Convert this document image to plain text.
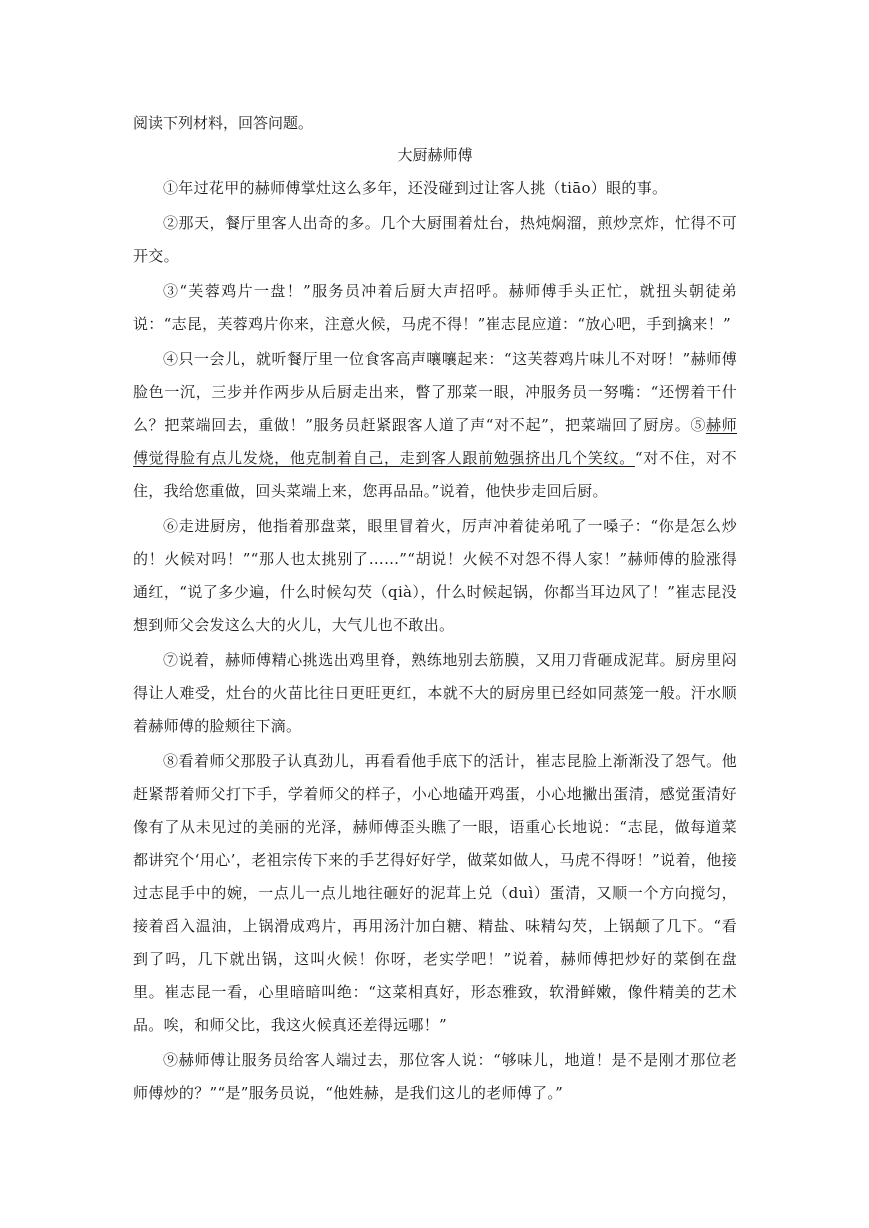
阅读下列材料，回答问题。

大厨赫师傅

①年过花甲的赫师傅掌灶这么多年，还没碰到过让客人挑（tiāo）眼的事。

②那天，餐厅里客人出奇的多。几个大厨围着灶台，热炖焖溜，煎炒烹炸，忙得不可开交。

③“芙蓉鸡片一盘！”服务员冲着后厨大声招呼。赫师傅手头正忙，就扭头朝徒弟说：“志昆，芙蓉鸡片你来，注意火候，马虎不得！”崔志昆应道：“放心吧，手到擒来！”

④只一会儿，就听餐厅里一位食客高声嚷嚷起来：“这芙蓉鸡片味儿不对呀！”赫师傅脸色一沉，三步并作两步从后厨走出来，瞥了那菜一眼，冲服务员一努嘴：“还愣着干什么？把菜端回去，重做！”服务员赶紧跟客人道了声“对不起”，把菜端回了厨房。⑤赫师傅觉得脸有点儿发烧，他克制着自己，走到客人跟前勉强挤出几个笑纹。“对不住，对不住，我给您重做，回头菜端上来，您再品品。”说着，他快步走回后厨。

⑥走进厨房，他指着那盘菜，眼里冒着火，厉声冲着徒弟吼了一嗓子：“你是怎么炒的！火候对吗！”“那人也太挑别了……”“胡说！火候不对怨不得人家！”赫师傅的脸涨得通红，“说了多少遍，什么时候勾芡（qià），什么时候起锅，你都当耳边风了！”崔志昆没想到师父会发这么大的火儿，大气儿也不敢出。

⑦说着，赫师傅精心挑选出鸡里脊，熟练地别去筋膜，又用刀背砸成泥茸。厨房里闷得让人难受，灶台的火苗比往日更旺更红，本就不大的厨房里已经如同蒸笼一般。汗水顺着赫师傅的脸颊往下滴。

⑧看着师父那股子认真劲儿，再看看他手底下的活计，崔志昆脸上渐渐没了怨气。他赶紧帮着师父打下手，学着师父的样子，小心地磕开鸡蛋，小心地撇出蛋清，感觉蛋清好像有了从未见过的美丽的光泽，赫师傅歪头瞧了一眼，语重心长地说：“志昆，做每道菜都讲究个‘用心’，老祖宗传下来的手艺得好好学，做菜如做人，马虎不得呀！”说着，他接过志昆手中的婉，一点儿一点儿地往砸好的泥茸上兑（duì）蛋清，又顺一个方向搅匀，接着舀入温油，上锅滑成鸡片，再用汤汁加白糖、精盐、味精勾芡，上锅颠了几下。“看到了吗，几下就出锅，这叫火候！你呀，老实学吧！”说着，赫师傅把炒好的菜倒在盘里。崔志昆一看，心里暗暗叫绝：“这菜相真好，形态雅致，软滑鲜嫩，像件精美的艺术品。唉，和师父比，我这火候真还差得远哪！”

⑨赫师傅让服务员给客人端过去，那位客人说：“够味儿，地道！是不是刚才那位老师傅炒的？”“是”服务员说，“他姓赫，是我们这儿的老师傅了。”
